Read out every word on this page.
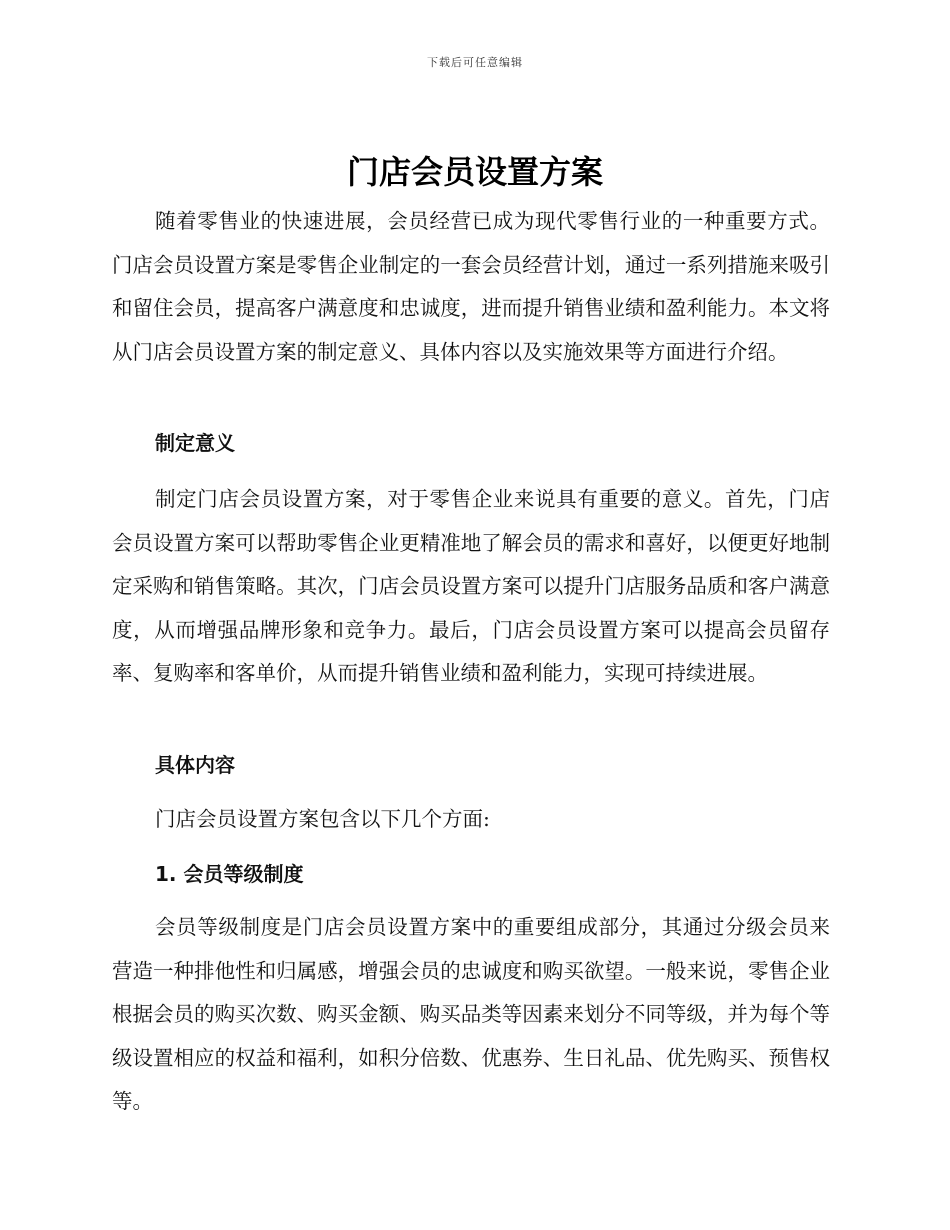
下载后可任意编辑
门店会员设置方案

随着零售业的快速进展，会员经营已成为现代零售行业的一种重要方式。门店会员设置方案是零售企业制定的一套会员经营计划，通过一系列措施来吸引和留住会员，提高客户满意度和忠诚度，进而提升销售业绩和盈利能力。本文将从门店会员设置方案的制定意义、具体内容以及实施效果等方面进行介绍。

制定意义

制定门店会员设置方案，对于零售企业来说具有重要的意义。首先，门店会员设置方案可以帮助零售企业更精准地了解会员的需求和喜好，以便更好地制定采购和销售策略。其次，门店会员设置方案可以提升门店服务品质和客户满意度，从而增强品牌形象和竞争力。最后，门店会员设置方案可以提高会员留存率、复购率和客单价，从而提升销售业绩和盈利能力，实现可持续进展。

具体内容

门店会员设置方案包含以下几个方面:

1. 会员等级制度

会员等级制度是门店会员设置方案中的重要组成部分，其通过分级会员来营造一种排他性和归属感，增强会员的忠诚度和购买欲望。一般来说，零售企业根据会员的购买次数、购买金额、购买品类等因素来划分不同等级，并为每个等级设置相应的权益和福利，如积分倍数、优惠券、生日礼品、优先购买、预售权等。
